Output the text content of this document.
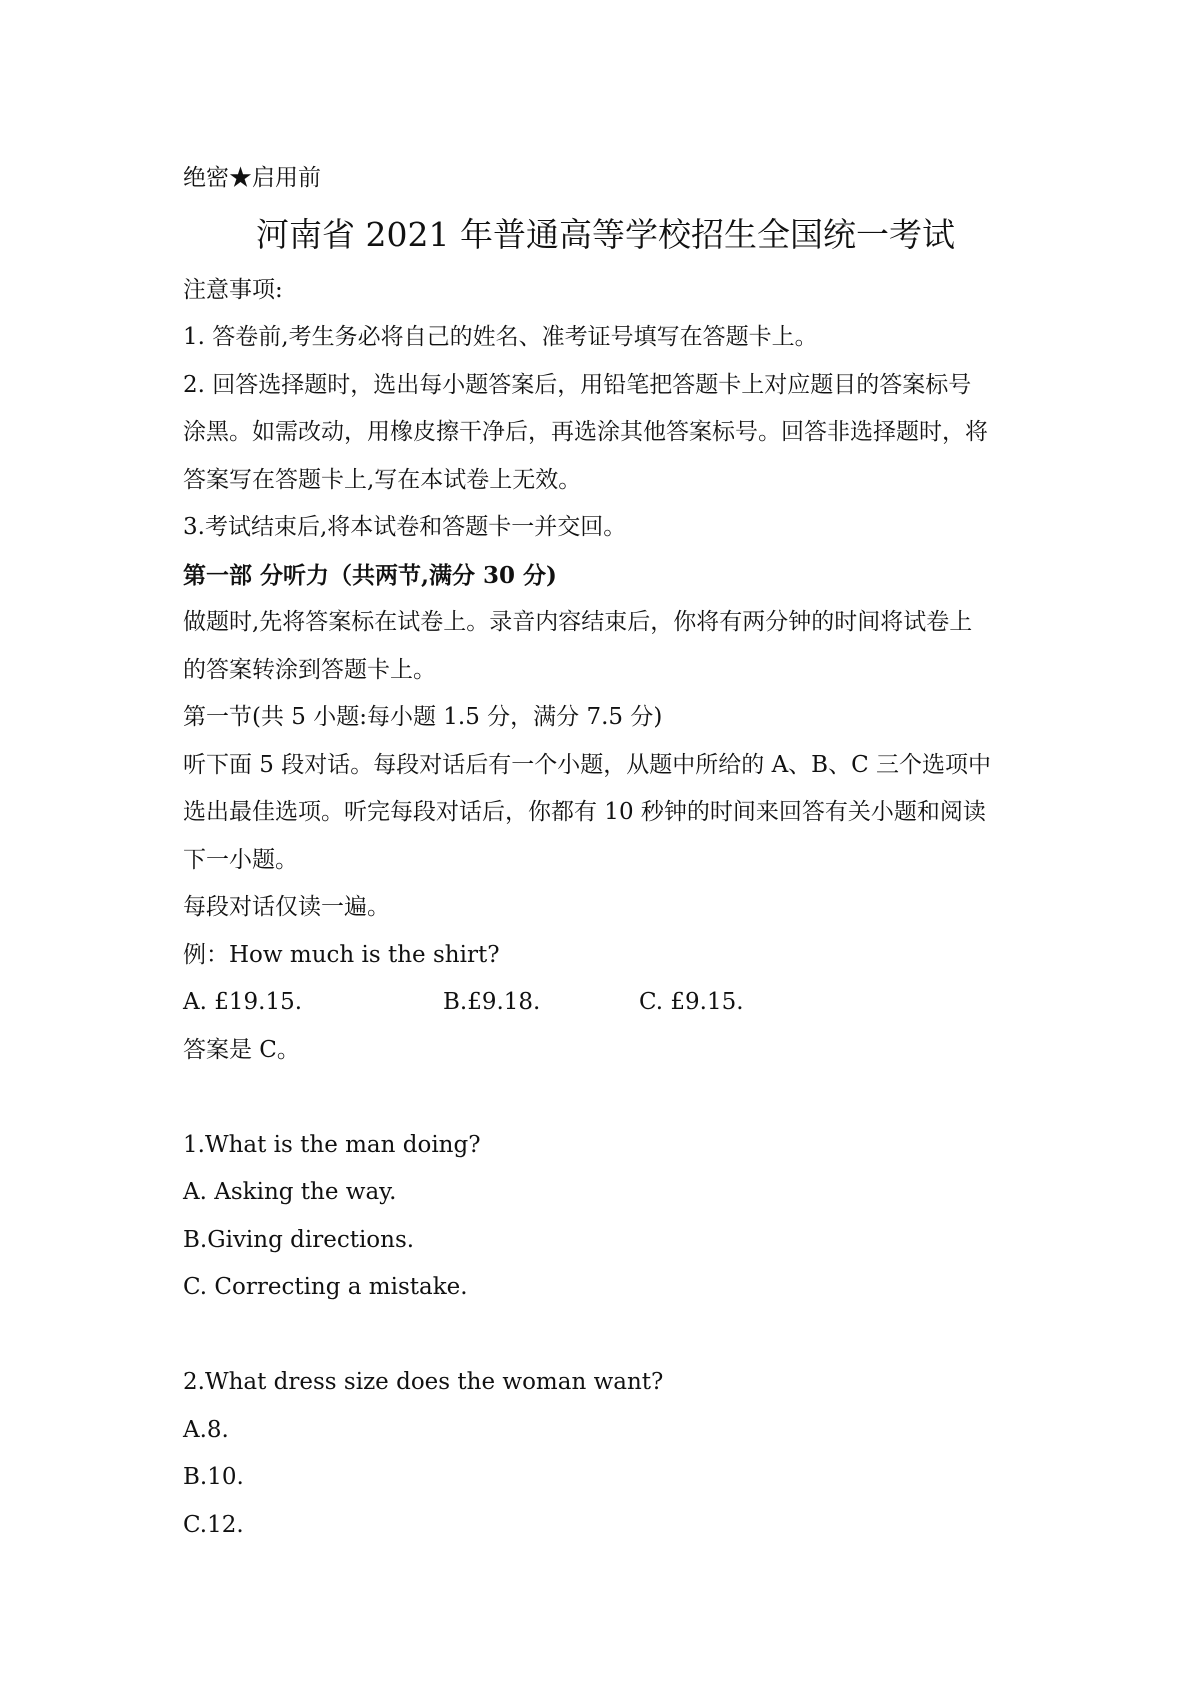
绝密★启用前
河南省 2021 年普通高等学校招生全国统一考试
注意事项:
1. 答卷前,考生务必将自己的姓名、准考证号填写在答题卡上。
2. 回答选择题时，选出每小题答案后，用铅笔把答题卡上对应题目的答案标号
涂黑。如需改动，用橡皮擦干净后，再选涂其他答案标号。回答非选择题时，将
答案写在答题卡上,写在本试卷上无效。
3.考试结束后,将本试卷和答题卡一并交回。
第一部 分听力（共两节,满分 30 分)
做题时,先将答案标在试卷上。录音内容结束后，你将有两分钟的时间将试卷上
的答案转涂到答题卡上。
第一节(共 5 小题:每小题 1.5 分，满分 7.5 分)
听下面 5 段对话。每段对话后有一个小题，从题中所给的 A、B、C 三个选项中
选出最佳选项。听完每段对话后，你都有 10 秒钟的时间来回答有关小题和阅读
下一小题。
每段对话仅读一遍。
例：How much is the shirt?
A. £19.15.	B.£9.18.	C. £9.15.
答案是 C。
1.What is the man doing?
A. Asking the way.
B.Giving directions.
C. Correcting a mistake.
2.What dress size does the woman want?
A.8.
B.10.
C.12.
